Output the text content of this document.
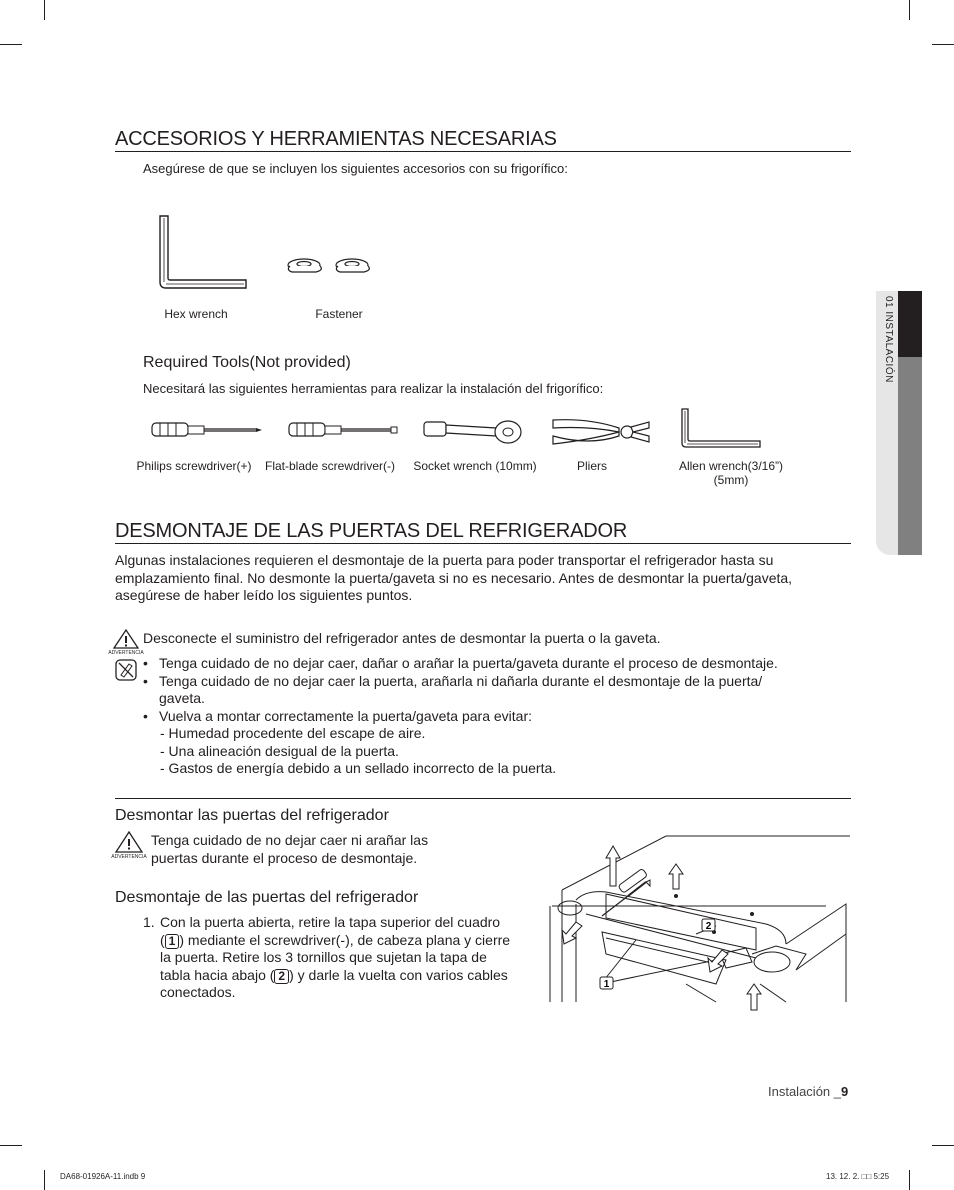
01 INSTALACIÓN
ACCESORIOS Y HERRAMIENTAS NECESARIAS
Asegúrese de que se incluyen los siguientes accesorios con su frigorífico:
Hex wrench	Fastener
Required Tools(Not provided)
Necesitará las siguientes herramientas para realizar la instalación del frigorífico:
Philips screwdriver(+)	Flat-blade screwdriver(-) Socket wrench (10mm)	Pliers	Allen wrench(3/16”)
(5mm)
DESMONTAJE DE LAS PUERTAS DEL REFRIGERADOR
Algunas instalaciones requieren el desmontaje de la puerta para poder transportar el refrigerador hasta su
emplazamiento final. No desmonte la puerta/gaveta si no es necesario. Antes de desmontar la puerta/gaveta,
asegúrese de haber leído los siguientes puntos.
ADVERTENCIA
Desconecte el suministro del refrigerador antes de desmontar la puerta o la gaveta.
• Tenga cuidado de no dejar caer, dañar o arañar la puerta/gaveta durante el proceso de desmontaje.
• Tenga cuidado de no dejar caer la puerta, arañarla ni dañarla durante el desmontaje de la puerta/
gaveta.
• Vuelva a montar correctamente la puerta/gaveta para evitar:
- Humedad procedente del escape de aire.
- Una alineación desigual de la puerta.
- Gastos de energía debido a un sellado incorrecto de la puerta.
Desmontar las puertas del refrigerador
ADVERTENCIA
Tenga cuidado de no dejar caer ni arañar las
puertas durante el proceso de desmontaje.
Desmontaje de las puertas del refrigerador
1. Con la puerta abierta, retire la tapa superior del cuadro
( 1 ) mediante el screwdriver(-), de cabeza plana y cierre
la puerta. Retire los 3 tornillos que sujetan la tapa de
tabla hacia abajo ( 2 ) y darle la vuelta con varios cables
conectados.
2
1
Instalación _9
DA68-01926A-11.indb 9	13. 12. 2. □□ 5:25
